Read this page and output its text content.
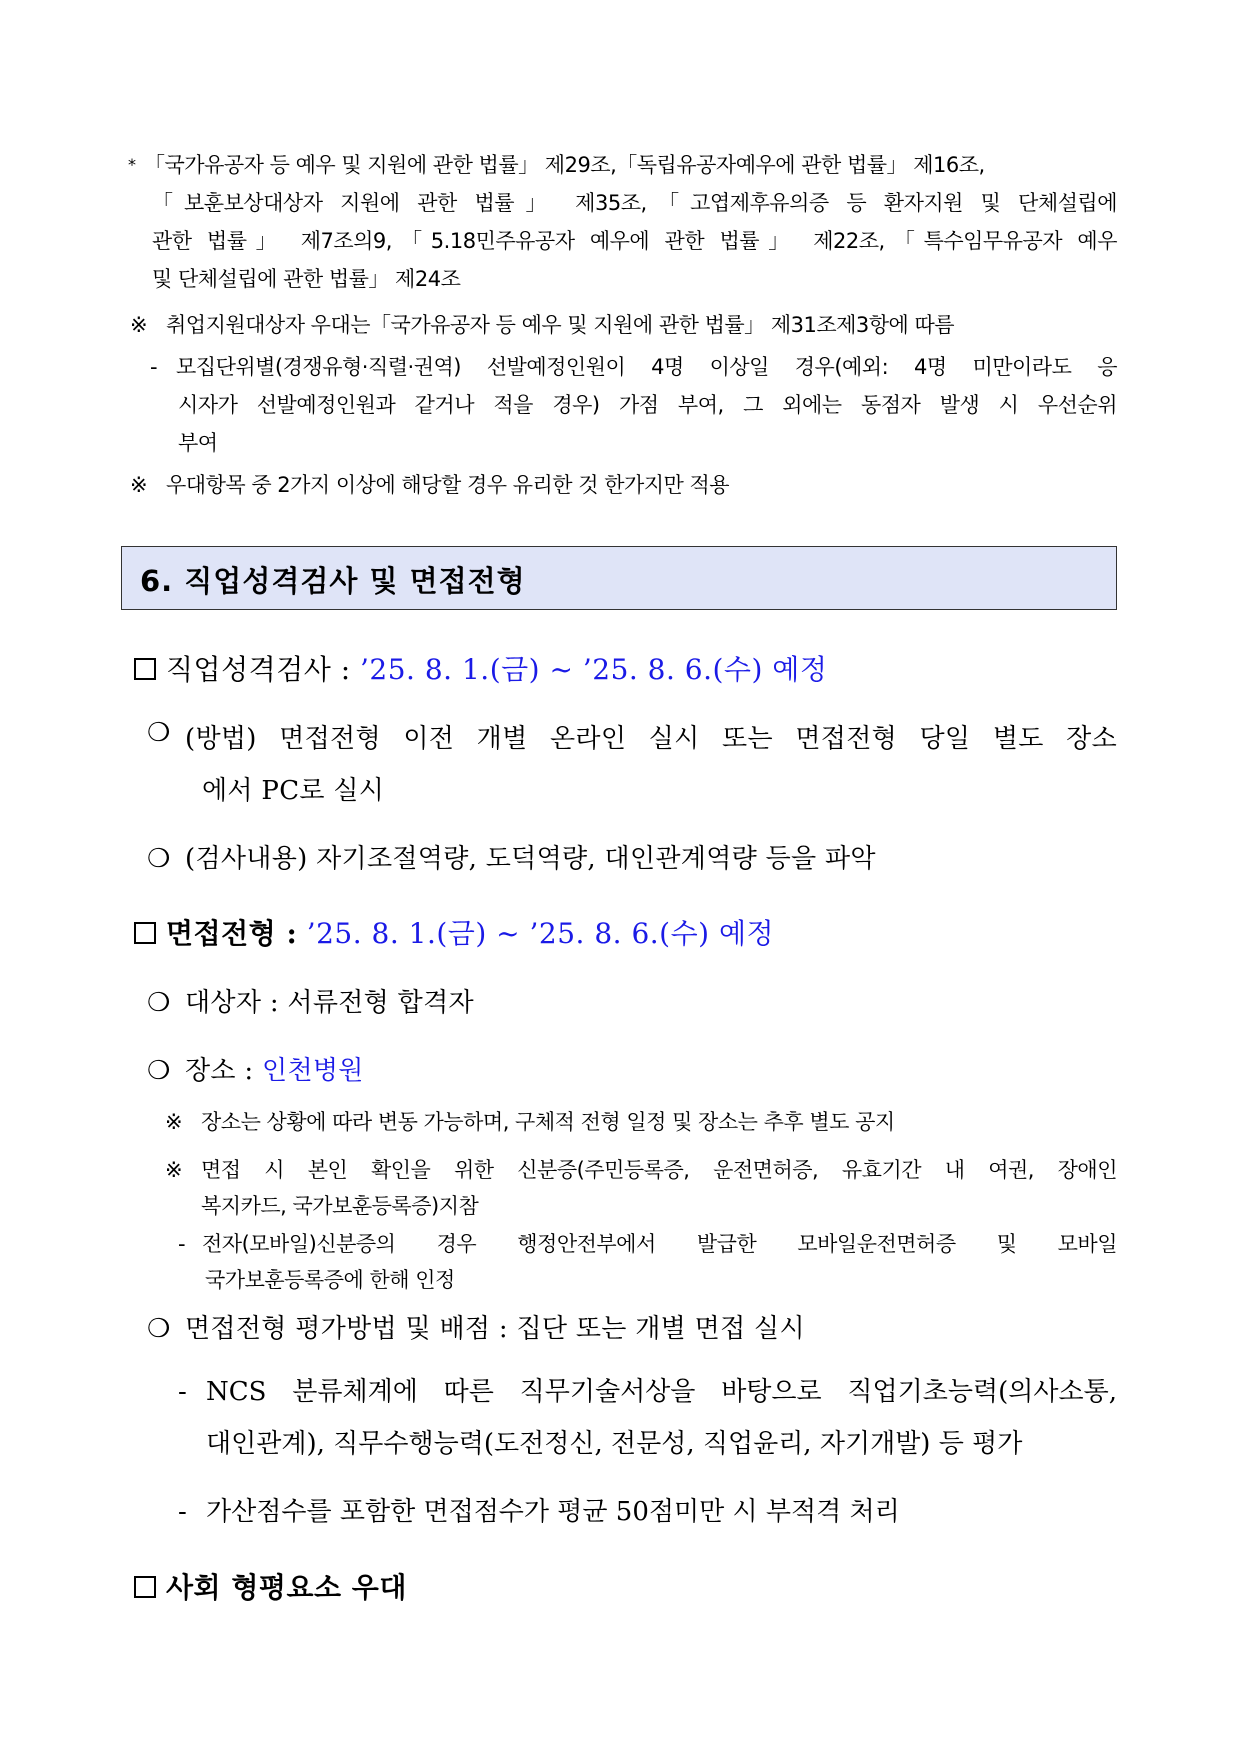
* 「국가유공자 등 예우 및 지원에 관한 법률」 제29조,「독립유공자예우에 관한 법률」 제16조,
「보훈보상대상자 지원에 관한 법률」 제35조,「고엽제후유의증 등 환자지원 및 단체설립에
관한 법률」 제7조의9,「5.18민주유공자 예우에 관한 법률」 제22조,「특수임무유공자 예우
및 단체설립에 관한 법률」 제24조
※ 취업지원대상자 우대는「국가유공자 등 예우 및 지원에 관한 법률」 제31조제3항에 따름
- 모집단위별(경쟁유형·직렬·권역) 선발예정인원이 4명 이상일 경우(예외: 4명 미만이라도 응
시자가 선발예정인원과 같거나 적을 경우) 가점 부여, 그 외에는 동점자 발생 시 우선순위
부여
※ 우대항목 중 2가지 이상에 해당할 경우 유리한 것 한가지만 적용
6. 직업성격검사 및 면접전형
직업성격검사 : ’25. 8. 1.(금) ~ ’25. 8. 6.(수) 예정
❍ (방법) 면접전형 이전 개별 온라인 실시 또는 면접전형 당일 별도 장소
에서 PC로 실시
❍ (검사내용) 자기조절역량, 도덕역량, 대인관계역량 등을 파악
면접전형 : ’25. 8. 1.(금) ~ ’25. 8. 6.(수) 예정
❍ 대상자 : 서류전형 합격자
❍ 장소 : 인천병원
※ 장소는 상황에 따라 변동 가능하며, 구체적 전형 일정 및 장소는 추후 별도 공지
※ 면접 시 본인 확인을 위한 신분증(주민등록증, 운전면허증, 유효기간 내 여권, 장애인
복지카드, 국가보훈등록증)지참
- 전자(모바일)신분증의 경우 행정안전부에서 발급한 모바일운전면허증 및 모바일
국가보훈등록증에 한해 인정
❍ 면접전형 평가방법 및 배점 : 집단 또는 개별 면접 실시
- NCS 분류체계에 따른 직무기술서상을 바탕으로 직업기초능력(의사소통,
대인관계), 직무수행능력(도전정신, 전문성, 직업윤리, 자기개발) 등 평가
- 가산점수를 포함한 면접점수가 평균 50점미만 시 부적격 처리
사회 형평요소 우대
